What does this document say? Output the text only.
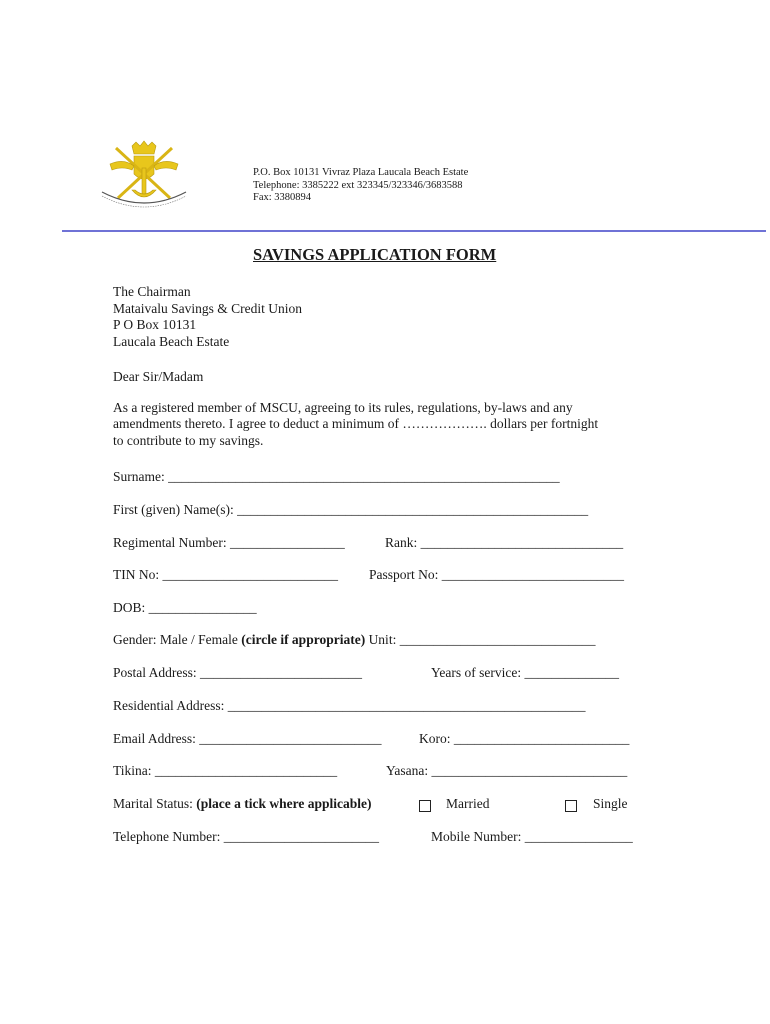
P.O. Box 10131 Vivraz Plaza Laucala Beach Estate
Telephone: 3385222 ext 323345/323346/3683588
Fax: 3380894
SAVINGS APPLICATION FORM
The Chairman
Mataivalu Savings & Credit Union
P O Box 10131
Laucala Beach Estate
Dear Sir/Madam
As a registered member of MSCU, agreeing to its rules, regulations, by-laws and any
amendments thereto. I agree to deduct a minimum of ………………. dollars per fortnight
to contribute to my savings.
Surname: __________________________________________________________
First (given) Name(s): ____________________________________________________
Regimental Number: _________________	Rank: ______________________________
TIN No: __________________________ Passport No: ___________________________
DOB: ________________
Gender: Male / Female (circle if appropriate) Unit: _____________________________
Postal Address: ________________________	Years of service: ______________
Residential Address: _____________________________________________________
Email Address: ___________________________	Koro: __________________________
Tikina: ___________________________	Yasana: _____________________________
Marital Status: (place a tick where applicable)	Married	Single
Telephone Number: _______________________	Mobile Number: ________________
